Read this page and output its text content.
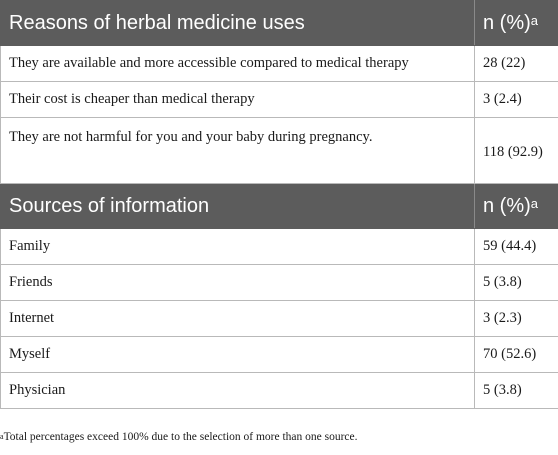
Reasons of herbal medicine uses	n (%)$^a$
They are available and more accessible compared to medical therapy	28 (22)
Their cost is cheaper than medical therapy	3 (2.4)
They are not harmful for you and your baby during pregnancy.	118 (92.9)
Sources of information	n (%)$^a$
Family	59 (44.4)
Friends	5 (3.8)
Internet	3 (2.3)
Myself	70 (52.6)
Physician	5 (3.8)
$^a$Total percentages exceed 100% due to the selection of more than one source.
